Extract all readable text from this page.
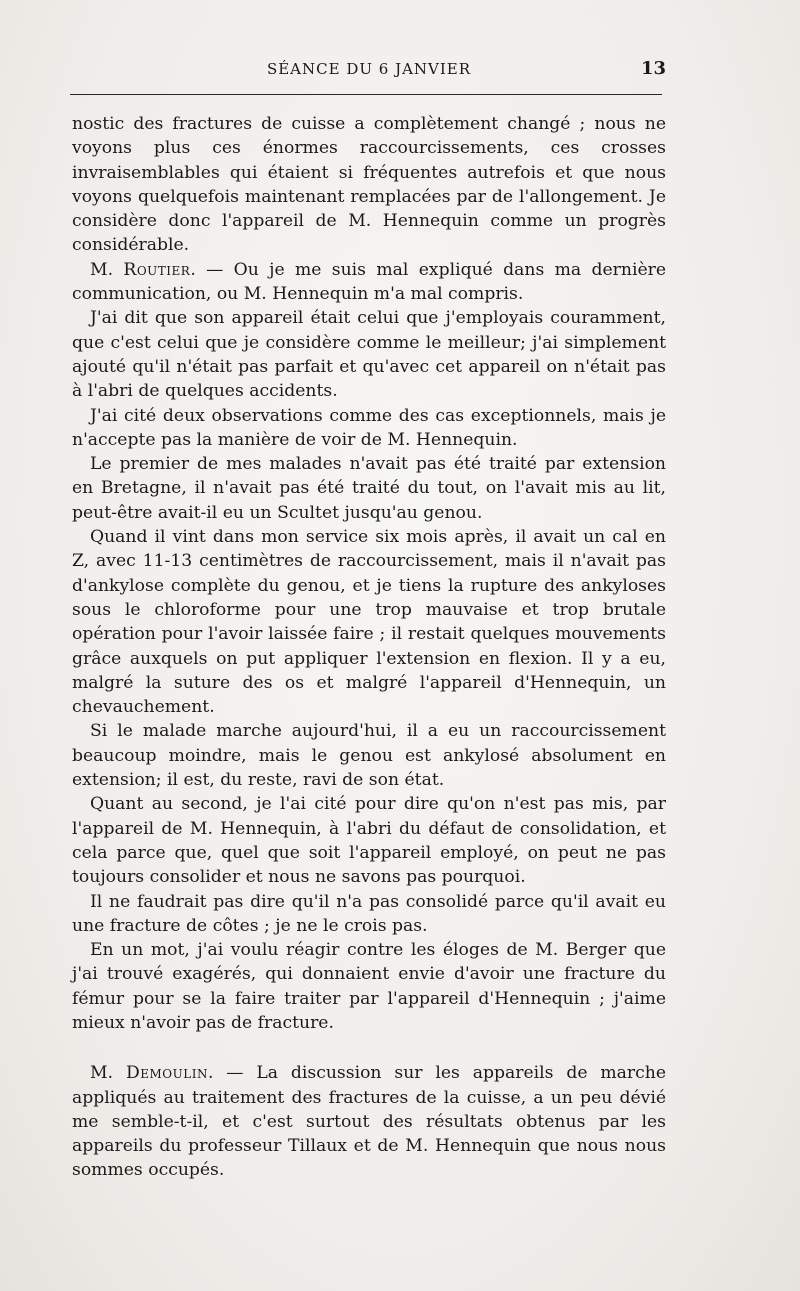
SÉANCE DU 6 JANVIER	13

nostic des fractures de cuisse a complètement changé ; nous ne voyons plus ces énormes raccourcissements, ces crosses invraisemblables qui étaient si fréquentes autrefois et que nous voyons quelquefois maintenant remplacées par de l'allongement. Je considère donc l'appareil de M. Hennequin comme un progrès considérable.

M. Routier. — Ou je me suis mal expliqué dans ma dernière communication, ou M. Hennequin m'a mal compris.

J'ai dit que son appareil était celui que j'employais couramment, que c'est celui que je considère comme le meilleur; j'ai simplement ajouté qu'il n'était pas parfait et qu'avec cet appareil on n'était pas à l'abri de quelques accidents.

J'ai cité deux observations comme des cas exceptionnels, mais je n'accepte pas la manière de voir de M. Hennequin.

Le premier de mes malades n'avait pas été traité par extension en Bretagne, il n'avait pas été traité du tout, on l'avait mis au lit, peut-être avait-il eu un Scultet jusqu'au genou.

Quand il vint dans mon service six mois après, il avait un cal en Z, avec 11-13 centimètres de raccourcissement, mais il n'avait pas d'ankylose complète du genou, et je tiens la rupture des ankyloses sous le chloroforme pour une trop mauvaise et trop brutale opération pour l'avoir laissée faire ; il restait quelques mouvements grâce auxquels on put appliquer l'extension en flexion. Il y a eu, malgré la suture des os et malgré l'appareil d'Hennequin, un chevauchement.

Si le malade marche aujourd'hui, il a eu un raccourcissement beaucoup moindre, mais le genou est ankylosé absolument en extension; il est, du reste, ravi de son état.

Quant au second, je l'ai cité pour dire qu'on n'est pas mis, par l'appareil de M. Hennequin, à l'abri du défaut de consolidation, et cela parce que, quel que soit l'appareil employé, on peut ne pas toujours consolider et nous ne savons pas pourquoi.

Il ne faudrait pas dire qu'il n'a pas consolidé parce qu'il avait eu une fracture de côtes ; je ne le crois pas.

En un mot, j'ai voulu réagir contre les éloges de M. Berger que j'ai trouvé exagérés, qui donnaient envie d'avoir une fracture du fémur pour se la faire traiter par l'appareil d'Hennequin ; j'aime mieux n'avoir pas de fracture.

M. Demoulin. — La discussion sur les appareils de marche appliqués au traitement des fractures de la cuisse, a un peu dévié me semble-t-il, et c'est surtout des résultats obtenus par les appareils du professeur Tillaux et de M. Hennequin que nous nous sommes occupés.
